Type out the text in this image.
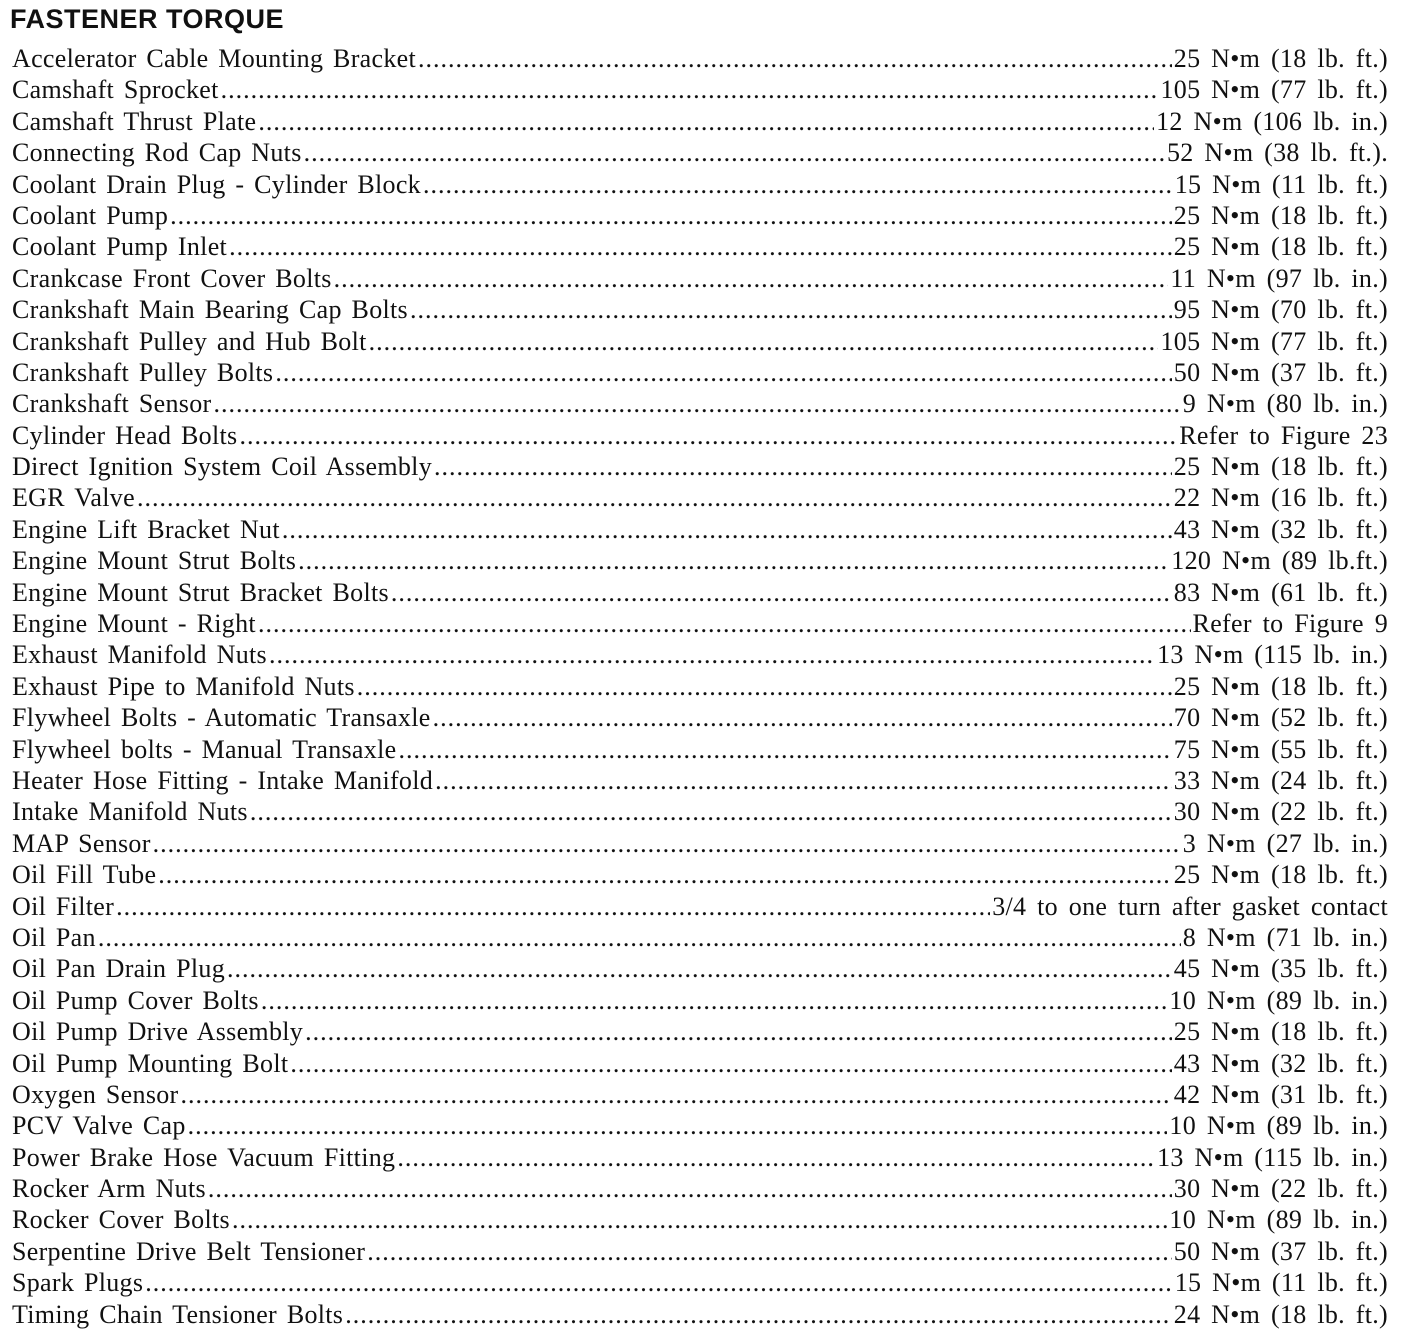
FASTENER TORQUE
Accelerator Cable Mounting Bracket .....	25 N•m (18 lb. ft.)
Camshaft Sprocket .....	105 N•m (77 lb. ft.)
Camshaft Thrust Plate .....	12 N•m (106 lb. in.)
Connecting Rod Cap Nuts .....	52 N•m (38 lb. ft.).
Coolant Drain Plug - Cylinder Block .....	15 N•m (11 lb. ft.)
Coolant Pump .....	25 N•m (18 lb. ft.)
Coolant Pump Inlet .....	25 N•m (18 lb. ft.)
Crankcase Front Cover Bolts .....	11 N•m (97 lb. in.)
Crankshaft Main Bearing Cap Bolts .....	95 N•m (70 lb. ft.)
Crankshaft Pulley and Hub Bolt .....	105 N•m (77 lb. ft.)
Crankshaft Pulley Bolts .....	50 N•m (37 lb. ft.)
Crankshaft Sensor .....	9 N•m (80 lb. in.)
Cylinder Head Bolts .....	Refer to Figure 23
Direct Ignition System Coil Assembly .....	25 N•m (18 lb. ft.)
EGR Valve .....	22 N•m (16 lb. ft.)
Engine Lift Bracket Nut .....	43 N•m (32 lb. ft.)
Engine Mount Strut Bolts .....	120 N•m (89 lb.ft.)
Engine Mount Strut Bracket Bolts .....	83 N•m (61 lb. ft.)
Engine Mount - Right .....	Refer to Figure 9
Exhaust Manifold Nuts .....	13 N•m (115 lb. in.)
Exhaust Pipe to Manifold Nuts .....	25 N•m (18 lb. ft.)
Flywheel Bolts - Automatic Transaxle .....	70 N•m (52 lb. ft.)
Flywheel bolts - Manual Transaxle .....	75 N•m (55 lb. ft.)
Heater Hose Fitting - Intake Manifold .....	33 N•m (24 lb. ft.)
Intake Manifold Nuts .....	30 N•m (22 lb. ft.)
MAP Sensor .....	3 N•m (27 lb. in.)
Oil Fill Tube .....	25 N•m (18 lb. ft.)
Oil Filter .....	3/4 to one turn after gasket contact
Oil Pan .....	8 N•m (71 lb. in.)
Oil Pan Drain Plug .....	45 N•m (35 lb. ft.)
Oil Pump Cover Bolts .....	10 N•m (89 lb. in.)
Oil Pump Drive Assembly .....	25 N•m (18 lb. ft.)
Oil Pump Mounting Bolt .....	43 N•m (32 lb. ft.)
Oxygen Sensor .....	42 N•m (31 lb. ft.)
PCV Valve Cap .....	10 N•m (89 lb. in.)
Power Brake Hose Vacuum Fitting .....	13 N•m (115 lb. in.)
Rocker Arm Nuts .....	30 N•m (22 lb. ft.)
Rocker Cover Bolts .....	10 N•m (89 lb. in.)
Serpentine Drive Belt Tensioner .....	50 N•m (37 lb. ft.)
Spark Plugs .....	15 N•m (11 lb. ft.)
Timing Chain Tensioner Bolts .....	24 N•m (18 lb. ft.)
